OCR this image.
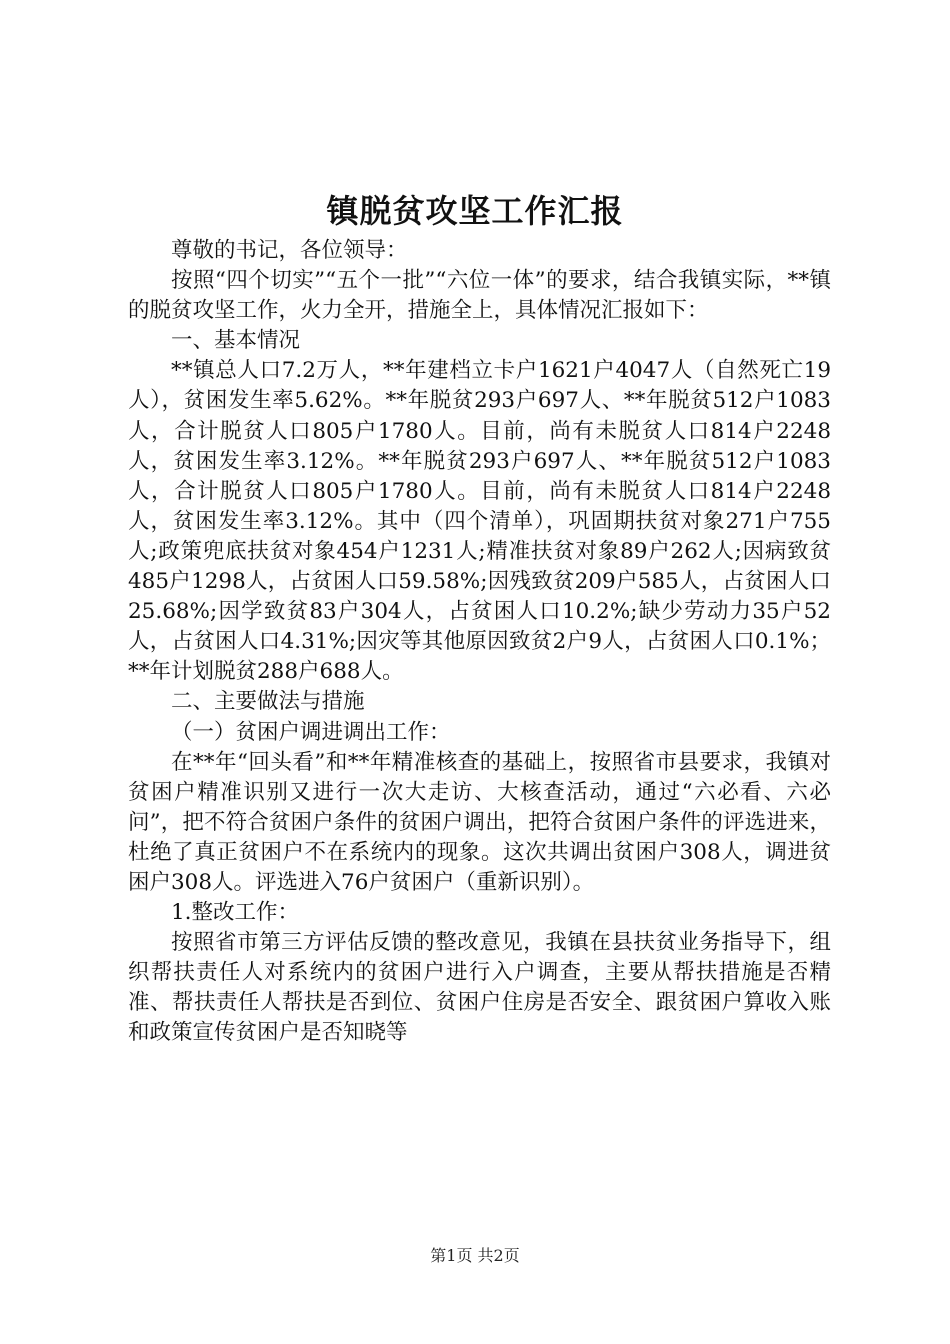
镇脱贫攻坚工作汇报

尊敬的书记，各位领导：

按照“四个切实”“五个一批”“六位一体”的要求，结合我镇实际，**镇的脱贫攻坚工作，火力全开，措施全上，具体情况汇报如下：

一、基本情况

**镇总人口7.2万人，**年建档立卡户1621户4047人（自然死亡19人），贫困发生率5.62%。**年脱贫293户697人、**年脱贫512户1083人，合计脱贫人口805户1780人。目前，尚有未脱贫人口814户2248人，贫困发生率3.12%。**年脱贫293户697人、**年脱贫512户1083人，合计脱贫人口805户1780人。目前，尚有未脱贫人口814户2248人，贫困发生率3.12%。其中（四个清单），巩固期扶贫对象271户755人;政策兜底扶贫对象454户1231人;精准扶贫对象89户262人;因病致贫485户1298人，占贫困人口59.58%;因残致贫209户585人，占贫困人口25.68%;因学致贫83户304人，占贫困人口10.2%;缺少劳动力35户52人，占贫困人口4.31%;因灾等其他原因致贫2户9人，占贫困人口0.1%；**年计划脱贫288户688人。

二、主要做法与措施

（一）贫困户调进调出工作：

在**年“回头看”和**年精准核查的基础上，按照省市县要求，我镇对贫困户精准识别又进行一次大走访、大核查活动，通过“六必看、六必问”，把不符合贫困户条件的贫困户调出，把符合贫困户条件的评选进来，杜绝了真正贫困户不在系统内的现象。这次共调出贫困户308人，调进贫困户308人。评选进入76户贫困户（重新识别）。

1.整改工作：

按照省市第三方评估反馈的整改意见，我镇在县扶贫业务指导下，组织帮扶责任人对系统内的贫困户进行入户调查，主要从帮扶措施是否精准、帮扶责任人帮扶是否到位、贫困户住房是否安全、跟贫困户算收入账和政策宣传贫困户是否知晓等

第1页 共2页
